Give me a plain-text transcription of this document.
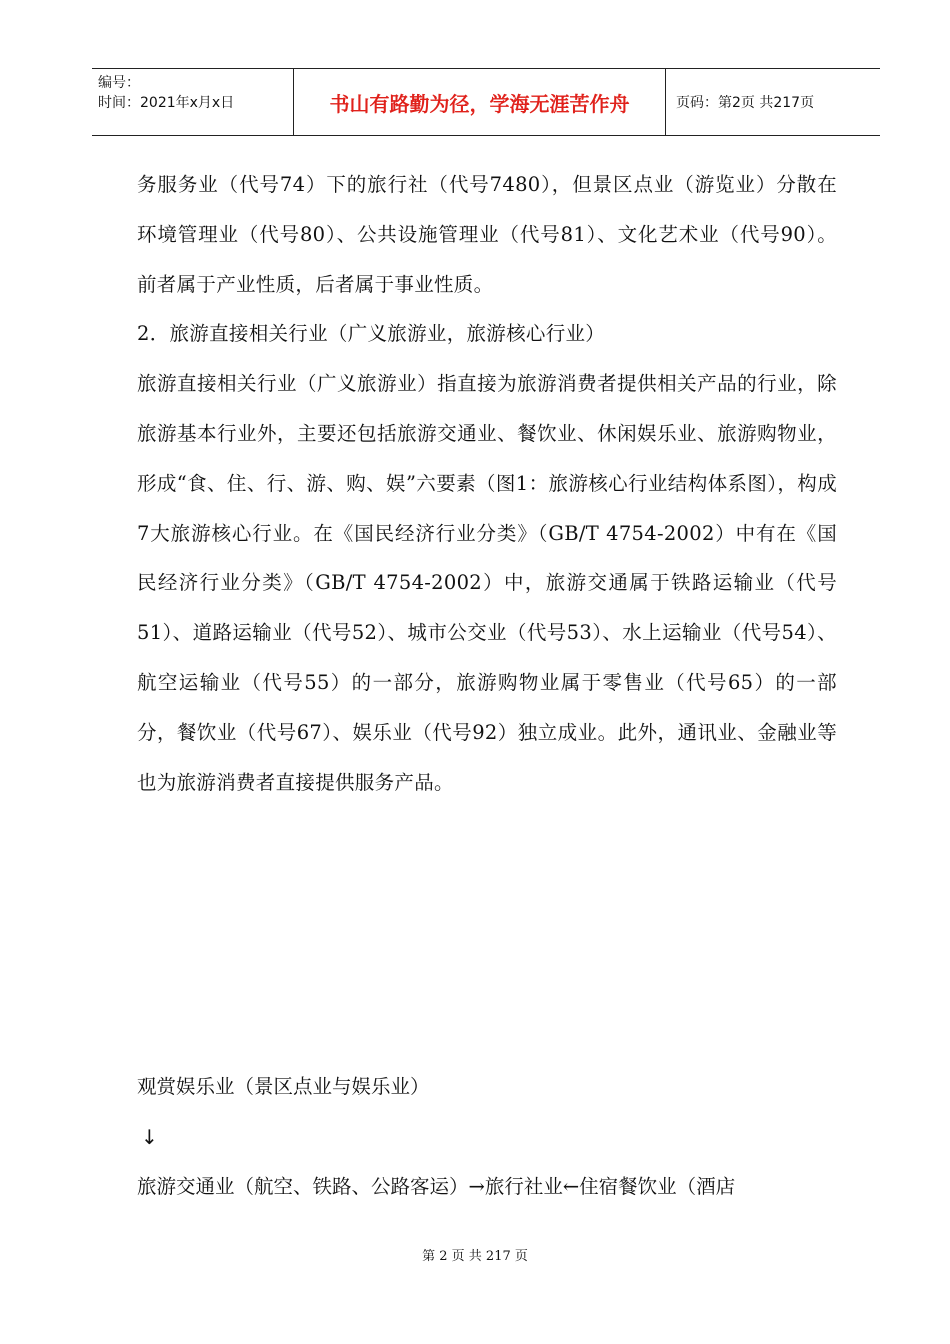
编号：
时间：2021年x月x日	书山有路勤为径，学海无涯苦作舟	页码：第2页 共217页

务服务业（代号74）下的旅行社（代号7480），但景区点业（游览业）分散在环境管理业（代号80）、公共设施管理业（代号81）、文化艺术业（代号90）。前者属于产业性质，后者属于事业性质。

2．旅游直接相关行业（广义旅游业，旅游核心行业）

旅游直接相关行业（广义旅游业）指直接为旅游消费者提供相关产品的行业，除旅游基本行业外，主要还包括旅游交通业、餐饮业、休闲娱乐业、旅游购物业，形成“食、住、行、游、购、娱”六要素（图1：旅游核心行业结构体系图），构成7大旅游核心行业。在《国民经济行业分类》（GB/T 4754-2002）中有在《国民经济行业分类》（GB/T 4754-2002）中，旅游交通属于铁路运输业（代号51）、道路运输业（代号52）、城市公交业（代号53）、水上运输业（代号54）、航空运输业（代号55）的一部分，旅游购物业属于零售业（代号65）的一部分，餐饮业（代号67）、娱乐业（代号92）独立成业。此外，通讯业、金融业等也为旅游消费者直接提供服务产品。

观赏娱乐业（景区点业与娱乐业）
↓
旅游交通业（航空、铁路、公路客运）→旅行社业←住宿餐饮业（酒店
第 2 页 共 217 页
